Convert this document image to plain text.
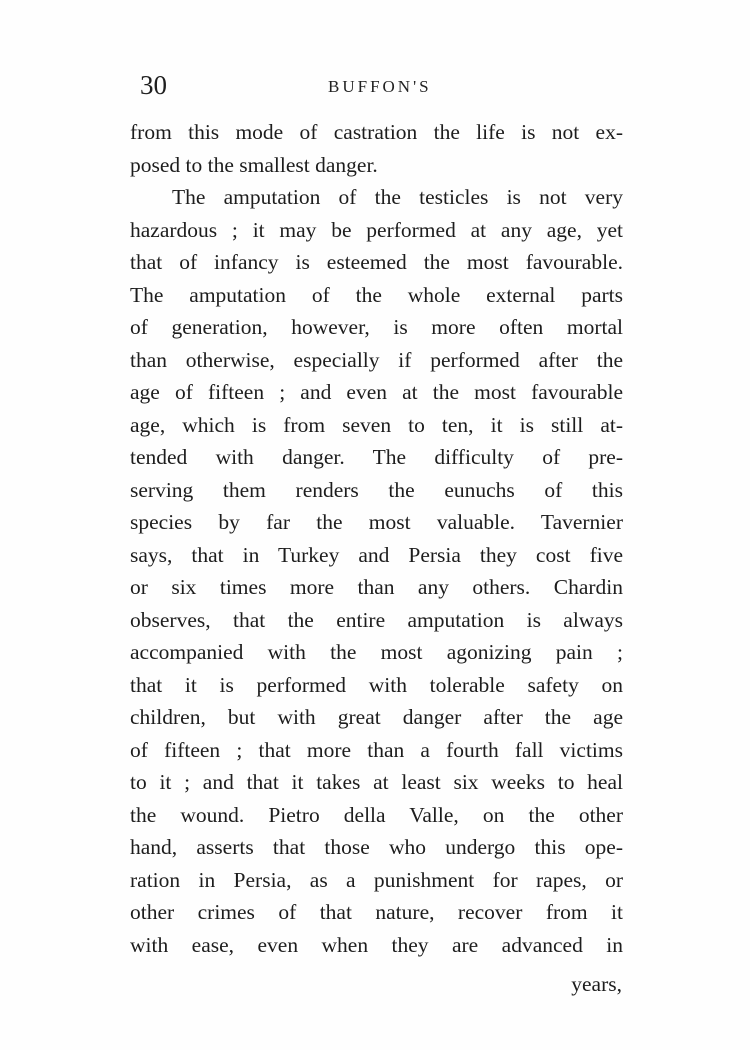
30	BUFFON'S
from this mode of castration the life is not ex-
posed to the smallest danger.
The amputation of the testicles is not very
hazardous ; it may be performed at any age, yet
that of infancy is esteemed the most favourable.
The amputation of the whole external parts
of generation, however, is more often mortal
than otherwise, especially if performed after the
age of fifteen ; and even at the most favourable
age, which is from seven to ten, it is still at-
tended with danger. The difficulty of pre-
serving them renders the eunuchs of this
species by far the most valuable. Tavernier
says, that in Turkey and Persia they cost five
or six times more than any others. Chardin
observes, that the entire amputation is always
accompanied with the most agonizing pain ;
that it is performed with tolerable safety on
children, but with great danger after the age
of fifteen ; that more than a fourth fall victims
to it ; and that it takes at least six weeks to heal
the wound. Pietro della Valle, on the other
hand, asserts that those who undergo this ope-
ration in Persia, as a punishment for rapes, or
other crimes of that nature, recover from it
with ease, even when they are advanced in
years,
